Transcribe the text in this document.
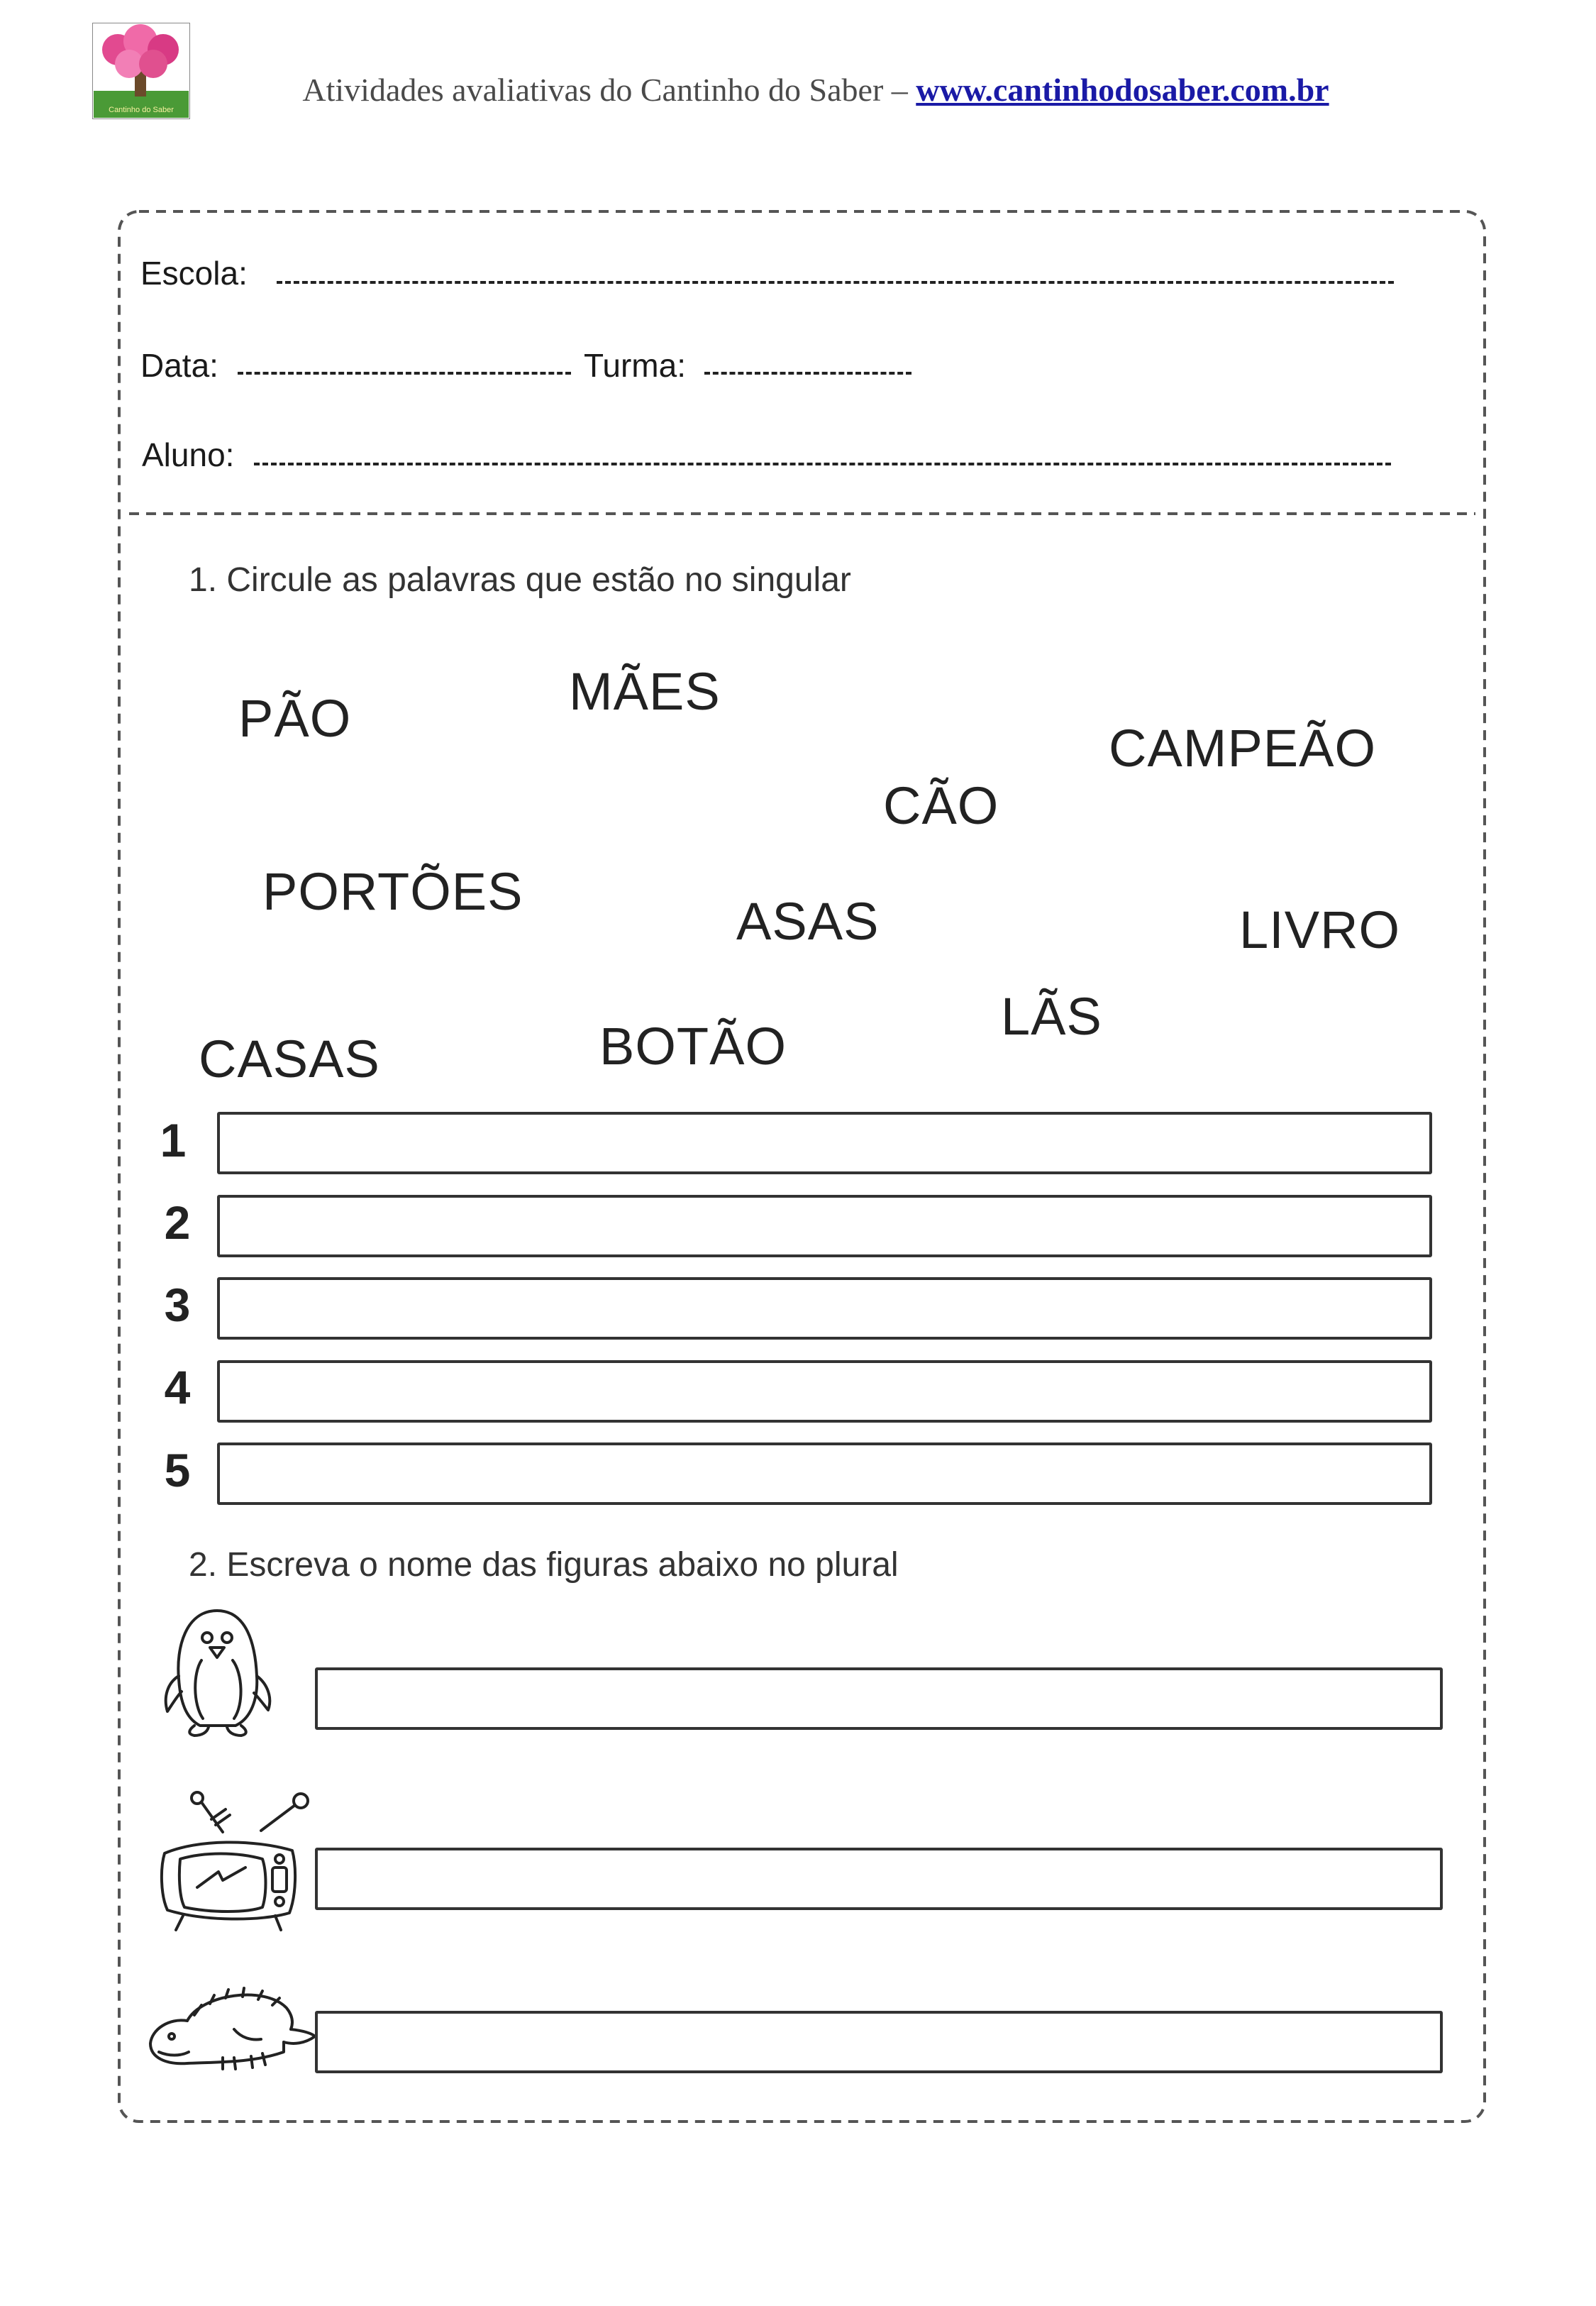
Cantinho do Saber
Atividades avaliativas do Cantinho do Saber – www.cantinhodosaber.com.br
Escola:
Data:	Turma:
Aluno:
1. Circule as palavras que estão no singular
PÃO	MÃES
CAMPEÃO
CÃO
PORTÕES
ASAS	LIVRO
LÃS
CASAS	BOTÃO
1
2
3
4
5
2. Escreva o nome das figuras abaixo no plural
